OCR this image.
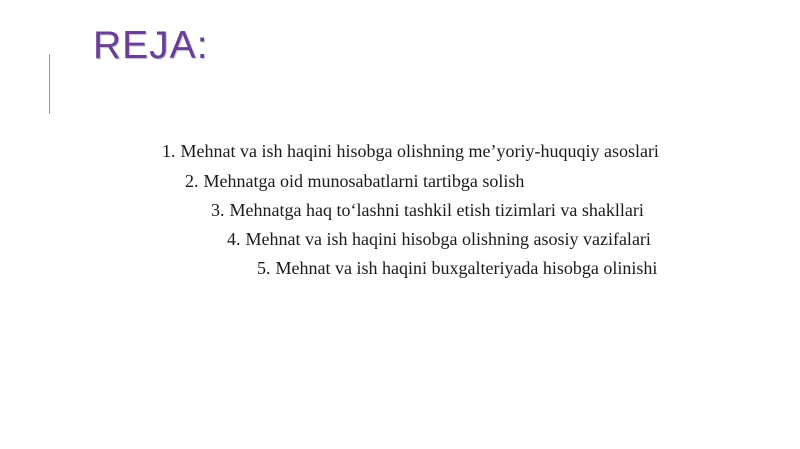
REJA:
1. Mehnat va ish haqini hisobga olishning me’yoriy-huquqiy asoslari
2. Mehnatga oid munosabatlarni tartibga solish
3. Mehnatga haq to‘lashni tashkil etish tizimlari va shakllari
4. Mehnat va ish haqini hisobga olishning asosiy vazifalari
5. Mehnat va ish haqini buxgalteriyada hisobga olinishi
